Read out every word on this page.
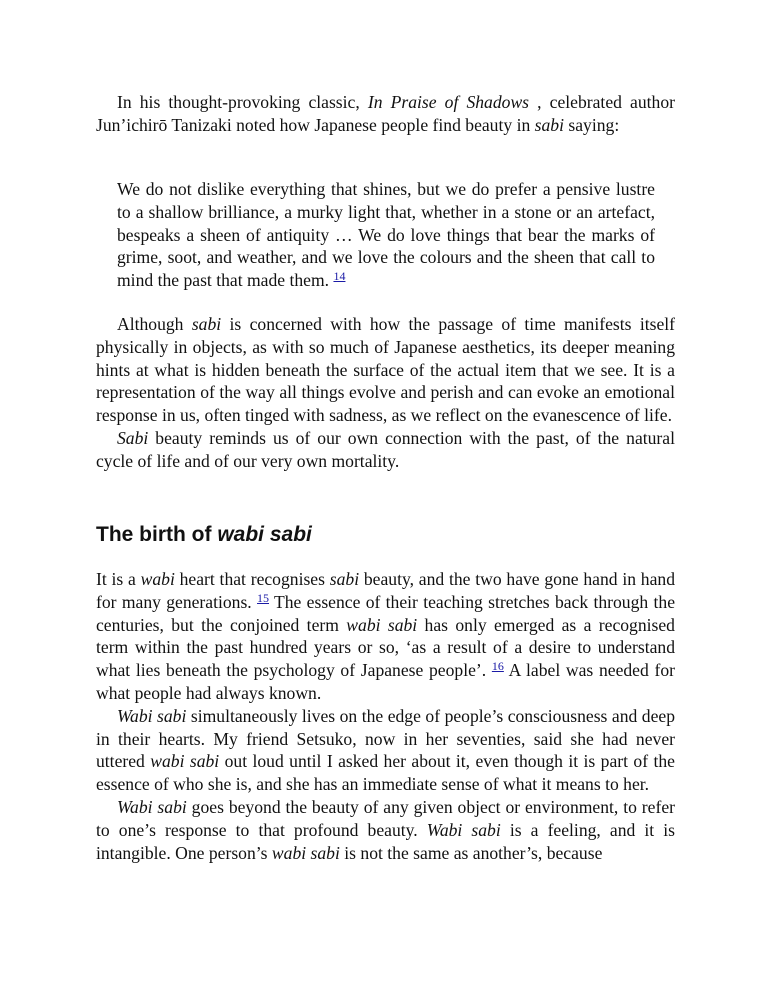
In his thought-provoking classic, In Praise of Shadows , celebrated author Jun’ichirō Tanizaki noted how Japanese people find beauty in sabi saying:

We do not dislike everything that shines, but we do prefer a pensive lustre to a shallow brilliance, a murky light that, whether in a stone or an artefact, bespeaks a sheen of antiquity … We do love things that bear the marks of grime, soot, and weather, and we love the colours and the sheen that call to mind the past that made them. $^{14}$

Although sabi is concerned with how the passage of time manifests itself physically in objects, as with so much of Japanese aesthetics, its deeper meaning hints at what is hidden beneath the surface of the actual item that we see. It is a representation of the way all things evolve and perish and can evoke an emotional response in us, often tinged with sadness, as we reflect on the evanescence of life.

Sabi beauty reminds us of our own connection with the past, of the natural cycle of life and of our very own mortality.

The birth of wabi sabi

It is a wabi heart that recognises sabi beauty, and the two have gone hand in hand for many generations. $^{15}$ The essence of their teaching stretches back through the centuries, but the conjoined term wabi sabi has only emerged as a recognised term within the past hundred years or so, ‘as a result of a desire to understand what lies beneath the psychology of Japanese people’. $^{16}$ A label was needed for what people had always known.

Wabi sabi simultaneously lives on the edge of people’s consciousness and deep in their hearts. My friend Setsuko, now in her seventies, said she had never uttered wabi sabi out loud until I asked her about it, even though it is part of the essence of who she is, and she has an immediate sense of what it means to her.

Wabi sabi goes beyond the beauty of any given object or environment, to refer to one’s response to that profound beauty. Wabi sabi is a feeling, and it is intangible. One person’s wabi sabi is not the same as another’s, because
